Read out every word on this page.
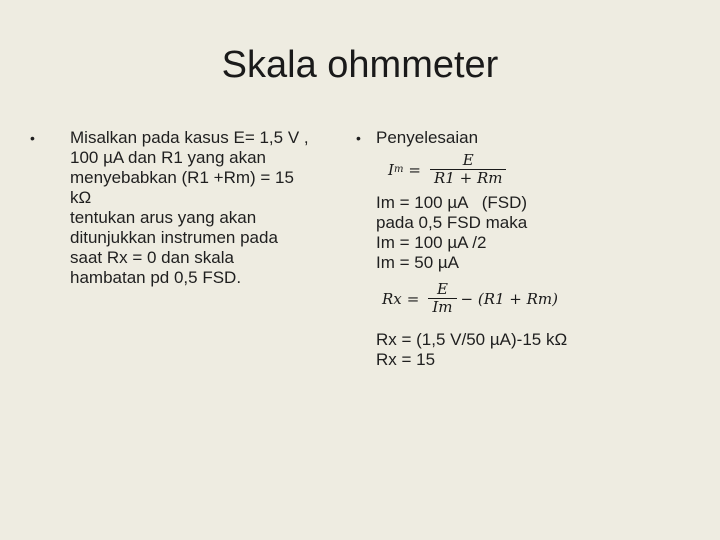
Skala ohmmeter
•	Misalkan pada kasus E= 1,5 V ,
100 µA dan R1 yang akan
menyebabkan (R1 +Rm) = 15
kΩ
tentukan arus yang akan
ditunjukkan instrumen pada
saat Rx = 0 dan skala
hambatan pd 0,5 FSD.
• Penyelesaian
I $m = \frac{E}{R1 + Rm}$
Im = 100 µA   (FSD)
pada 0,5 FSD maka
Im = 100 µA /2
Im = 50 µA
$Rx = \frac{E}{Im} - (R1 + Rm)$
Rx = (1,5 V/50 µA)-15 kΩ
Rx = 15
